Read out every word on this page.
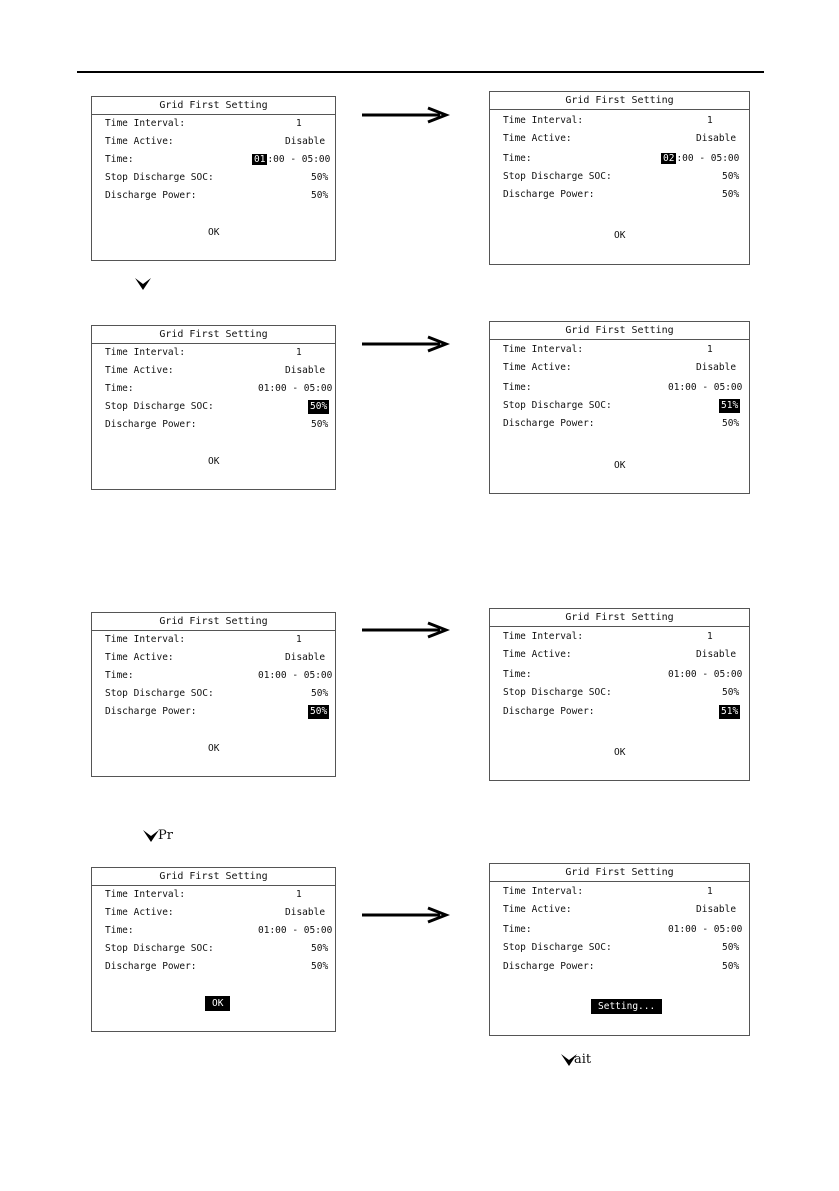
Grid First Setting
Time Interval:	1
Time Active:	Disable
Time:	01 :00 - 05:00
Stop Discharge SOC:	50%
Discharge Power:	50%
OK
Grid First Setting
Time Interval:	1
Time Active:	Disable
Time:	02 :00 - 05:00
Stop Discharge SOC:	50%
Discharge Power:	50%
OK
Grid First Setting
Time Interval:	1
Time Active:	Disable
Time:	01:00 - 05:00
Stop Discharge SOC:	50%
Discharge Power:	50%
OK
Grid First Setting
Time Interval:	1
Time Active:	Disable
Time:	01:00 - 05:00
Stop Discharge SOC:	51%
Discharge Power:	50%
OK
Grid First Setting
Time Interval:	1
Time Active:	Disable
Time:	01:00 - 05:00
Stop Discharge SOC:	50%
Discharge Power:	50%
OK
Grid First Setting
Time Interval:	1
Time Active:	Disable
Time:	01:00 - 05:00
Stop Discharge SOC:	50%
Discharge Power:	51%
OK
Pr
Grid First Setting
Time Interval:	1
Time Active:	Disable
Time:	01:00 - 05:00
Stop Discharge SOC:	50%
Discharge Power:	50%
OK
Grid First Setting
Time Interval:	1
Time Active:	Disable
Time:	01:00 - 05:00
Stop Discharge SOC:	50%
Discharge Power:	50%
Setting...
ait
